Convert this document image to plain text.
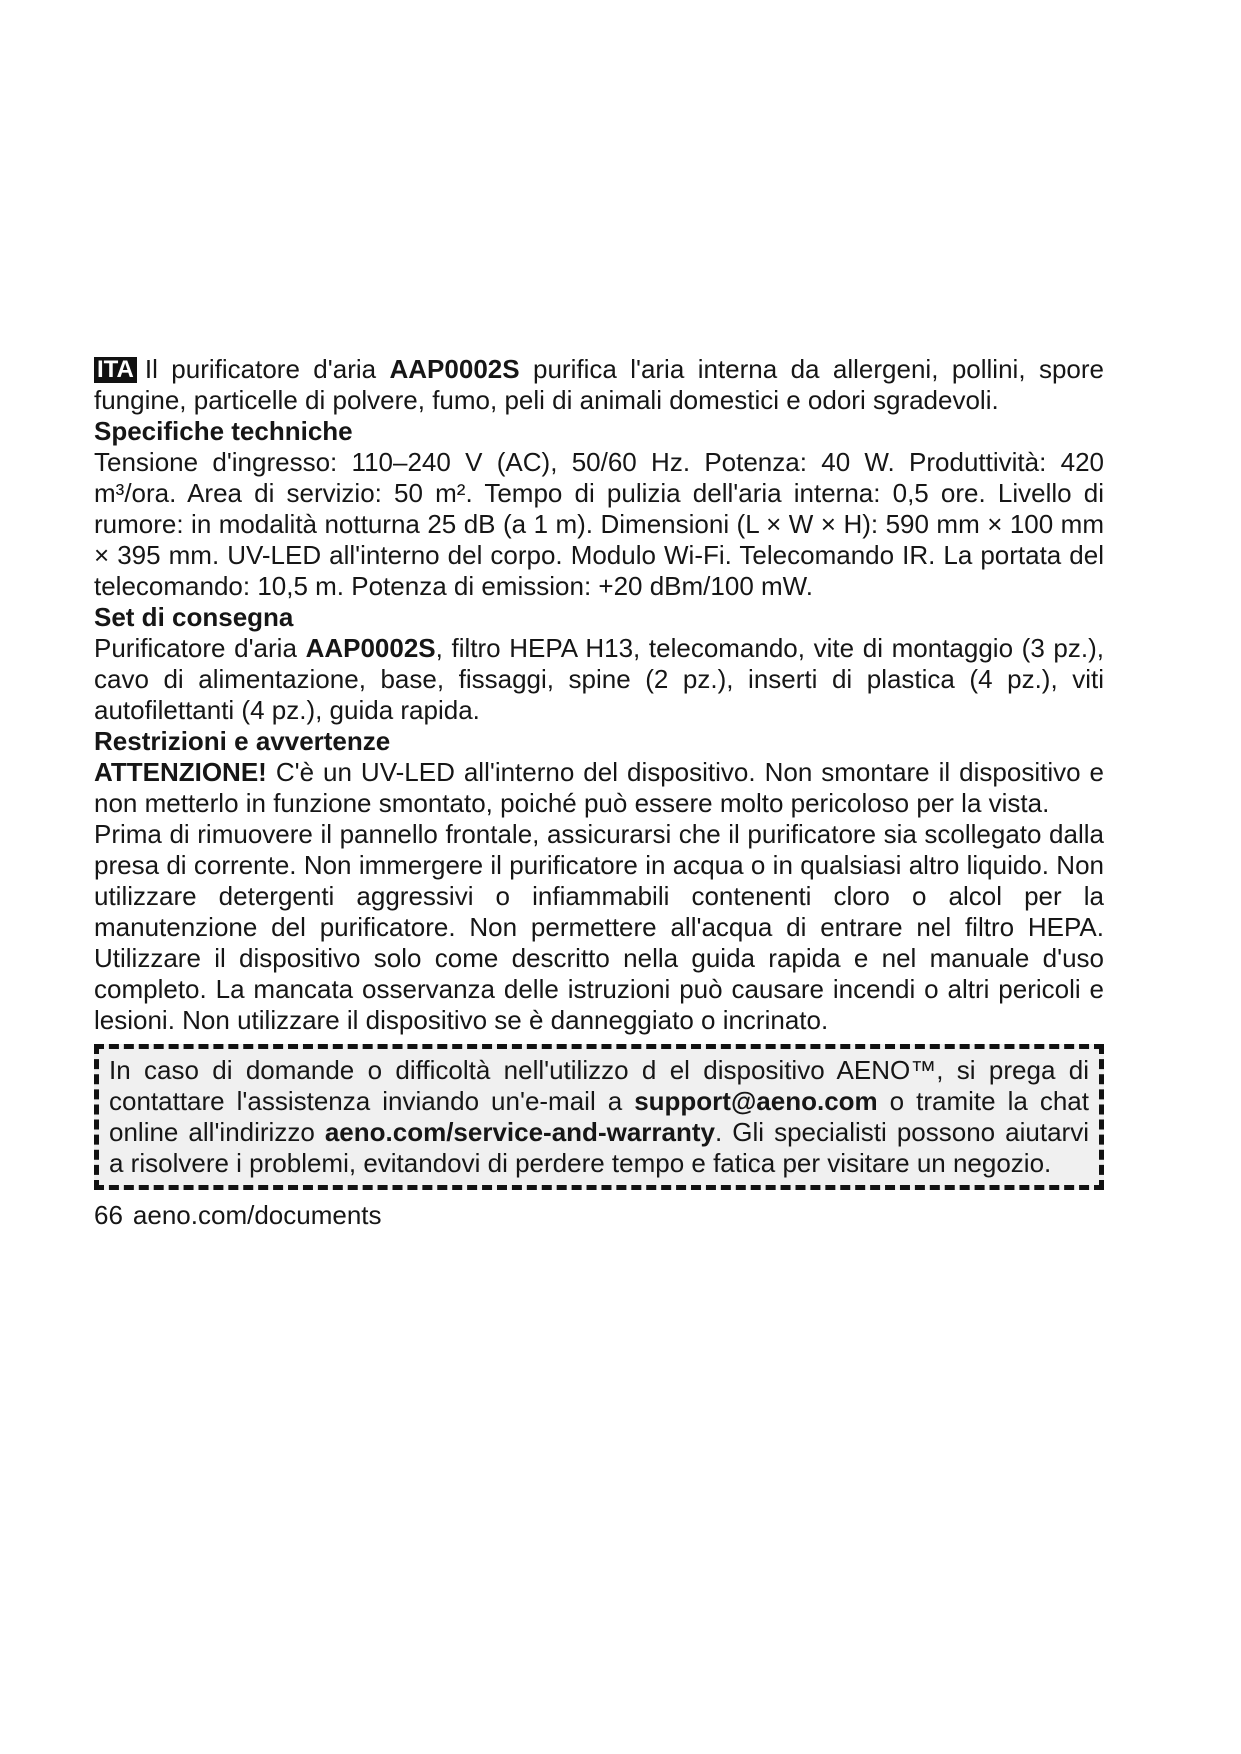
ITA Il purificatore d'aria AAP0002S purifica l'aria interna da allergeni, pollini, spore fungine, particelle di polvere, fumo, peli di animali domestici e odori sgradevoli.

Specifiche techniche

Tensione d'ingresso: 110–240 V (AC), 50/60 Hz. Potenza: 40 W. Produttività: 420 m³/ora. Area di servizio: 50 m². Tempo di pulizia dell'aria interna: 0,5 ore. Livello di rumore: in modalità notturna 25 dB (a 1 m). Dimensioni (L × W × H): 590 mm × 100 mm × 395 mm. UV-LED all'interno del corpo. Modulo Wi-Fi. Telecomando IR. La portata del telecomando: 10,5 m. Potenza di emission: +20 dBm/100 mW.

Set di consegna

Purificatore d'aria AAP0002S, filtro HEPA H13, telecomando, vite di montaggio (3 pz.), cavo di alimentazione, base, fissaggi, spine (2 pz.), inserti di plastica (4 pz.), viti autofilettanti (4 pz.), guida rapida.

Restrizioni e avvertenze

ATTENZIONE! C'è un UV-LED all'interno del dispositivo. Non smontare il dispositivo e non metterlo in funzione smontato, poiché può essere molto pericoloso per la vista.

Prima di rimuovere il pannello frontale, assicurarsi che il purificatore sia scollegato dalla presa di corrente. Non immergere il purificatore in acqua o in qualsiasi altro liquido. Non utilizzare detergenti aggressivi o infiammabili contenenti cloro o alcol per la manutenzione del purificatore. Non permettere all'acqua di entrare nel filtro HEPA. Utilizzare il dispositivo solo come descritto nella guida rapida e nel manuale d'uso completo. La mancata osservanza delle istruzioni può causare incendi o altri pericoli e lesioni. Non utilizzare il dispositivo se è danneggiato o incrinato.

In caso di domande o difficoltà nell'utilizzo d el dispositivo AENO™, si prega di contattare l'assistenza inviando un'e-mail a support@aeno.com o tramite la chat online all'indirizzo aeno.com/service-and-warranty. Gli specialisti possono aiutarvi a risolvere i problemi, evitandovi di perdere tempo e fatica per visitare un negozio.
66 aeno.com/documents
